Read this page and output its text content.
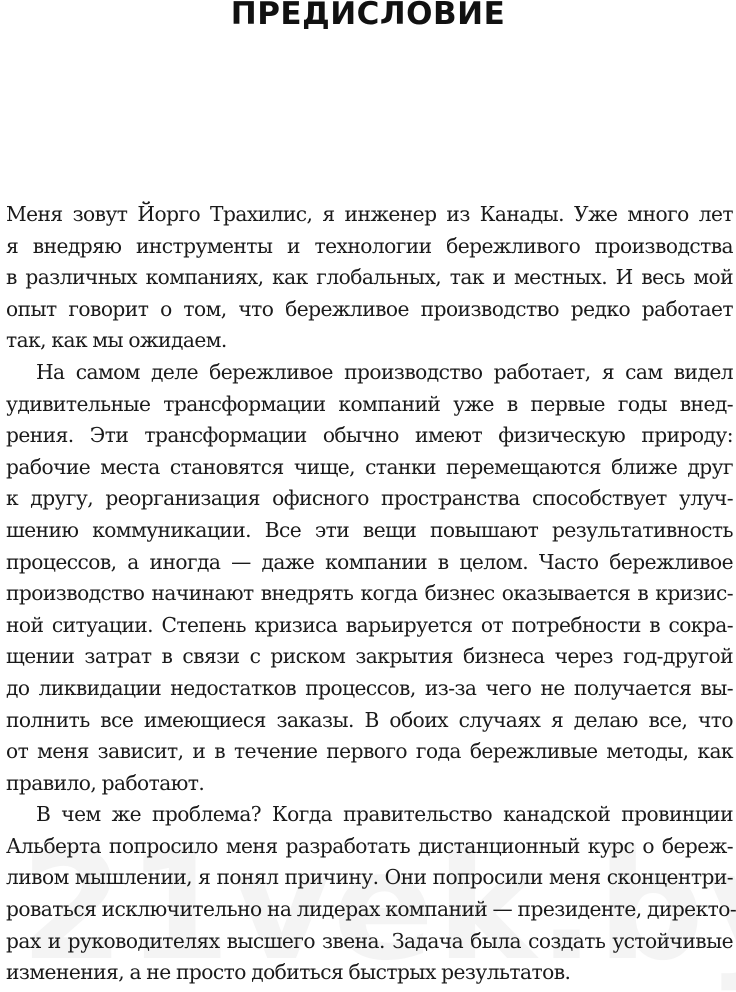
ПРЕДИСЛОВИЕ
Меня зовут Йорго Трахилис, я инженер из Канады. Уже много лет
я внедряю инструменты и технологии бережливого производства
в различных компаниях, как глобальных, так и местных. И весь мой
опыт говорит о том, что бережливое производство редко работает
так, как мы ожидаем.
На самом деле бережливое производство работает, я сам видел
удивительные трансформации компаний уже в первые годы внед-
рения. Эти трансформации обычно имеют физическую природу:
рабочие места становятся чище, станки перемещаются ближе друг
к другу, реорганизация офисного пространства способствует улуч-
шению коммуникации. Все эти вещи повышают результативность
процессов, а иногда — даже компании в целом. Часто бережливое
производство начинают внедрять когда бизнес оказывается в кризис-
ной ситуации. Степень кризиса варьируется от потребности в сокра-
щении затрат в связи с риском закрытия бизнеса через год-другой
до ликвидации недостатков процессов, из-за чего не получается вы-
полнить все имеющиеся заказы. В обоих случаях я делаю все, что
от меня зависит, и в течение первого года бережливые методы, как
правило, работают.
В чем же проблема? Когда правительство канадской провинции
Альберта попросило меня разработать дистанционный курс о береж-
ливом мышлении, я понял причину. Они попросили меня сконцентри-
роваться исключительно на лидерах компаний — президенте, директо-
рах и руководителях высшего звена. Задача была создать устойчивые
изменения, а не просто добиться быстрых результатов.
